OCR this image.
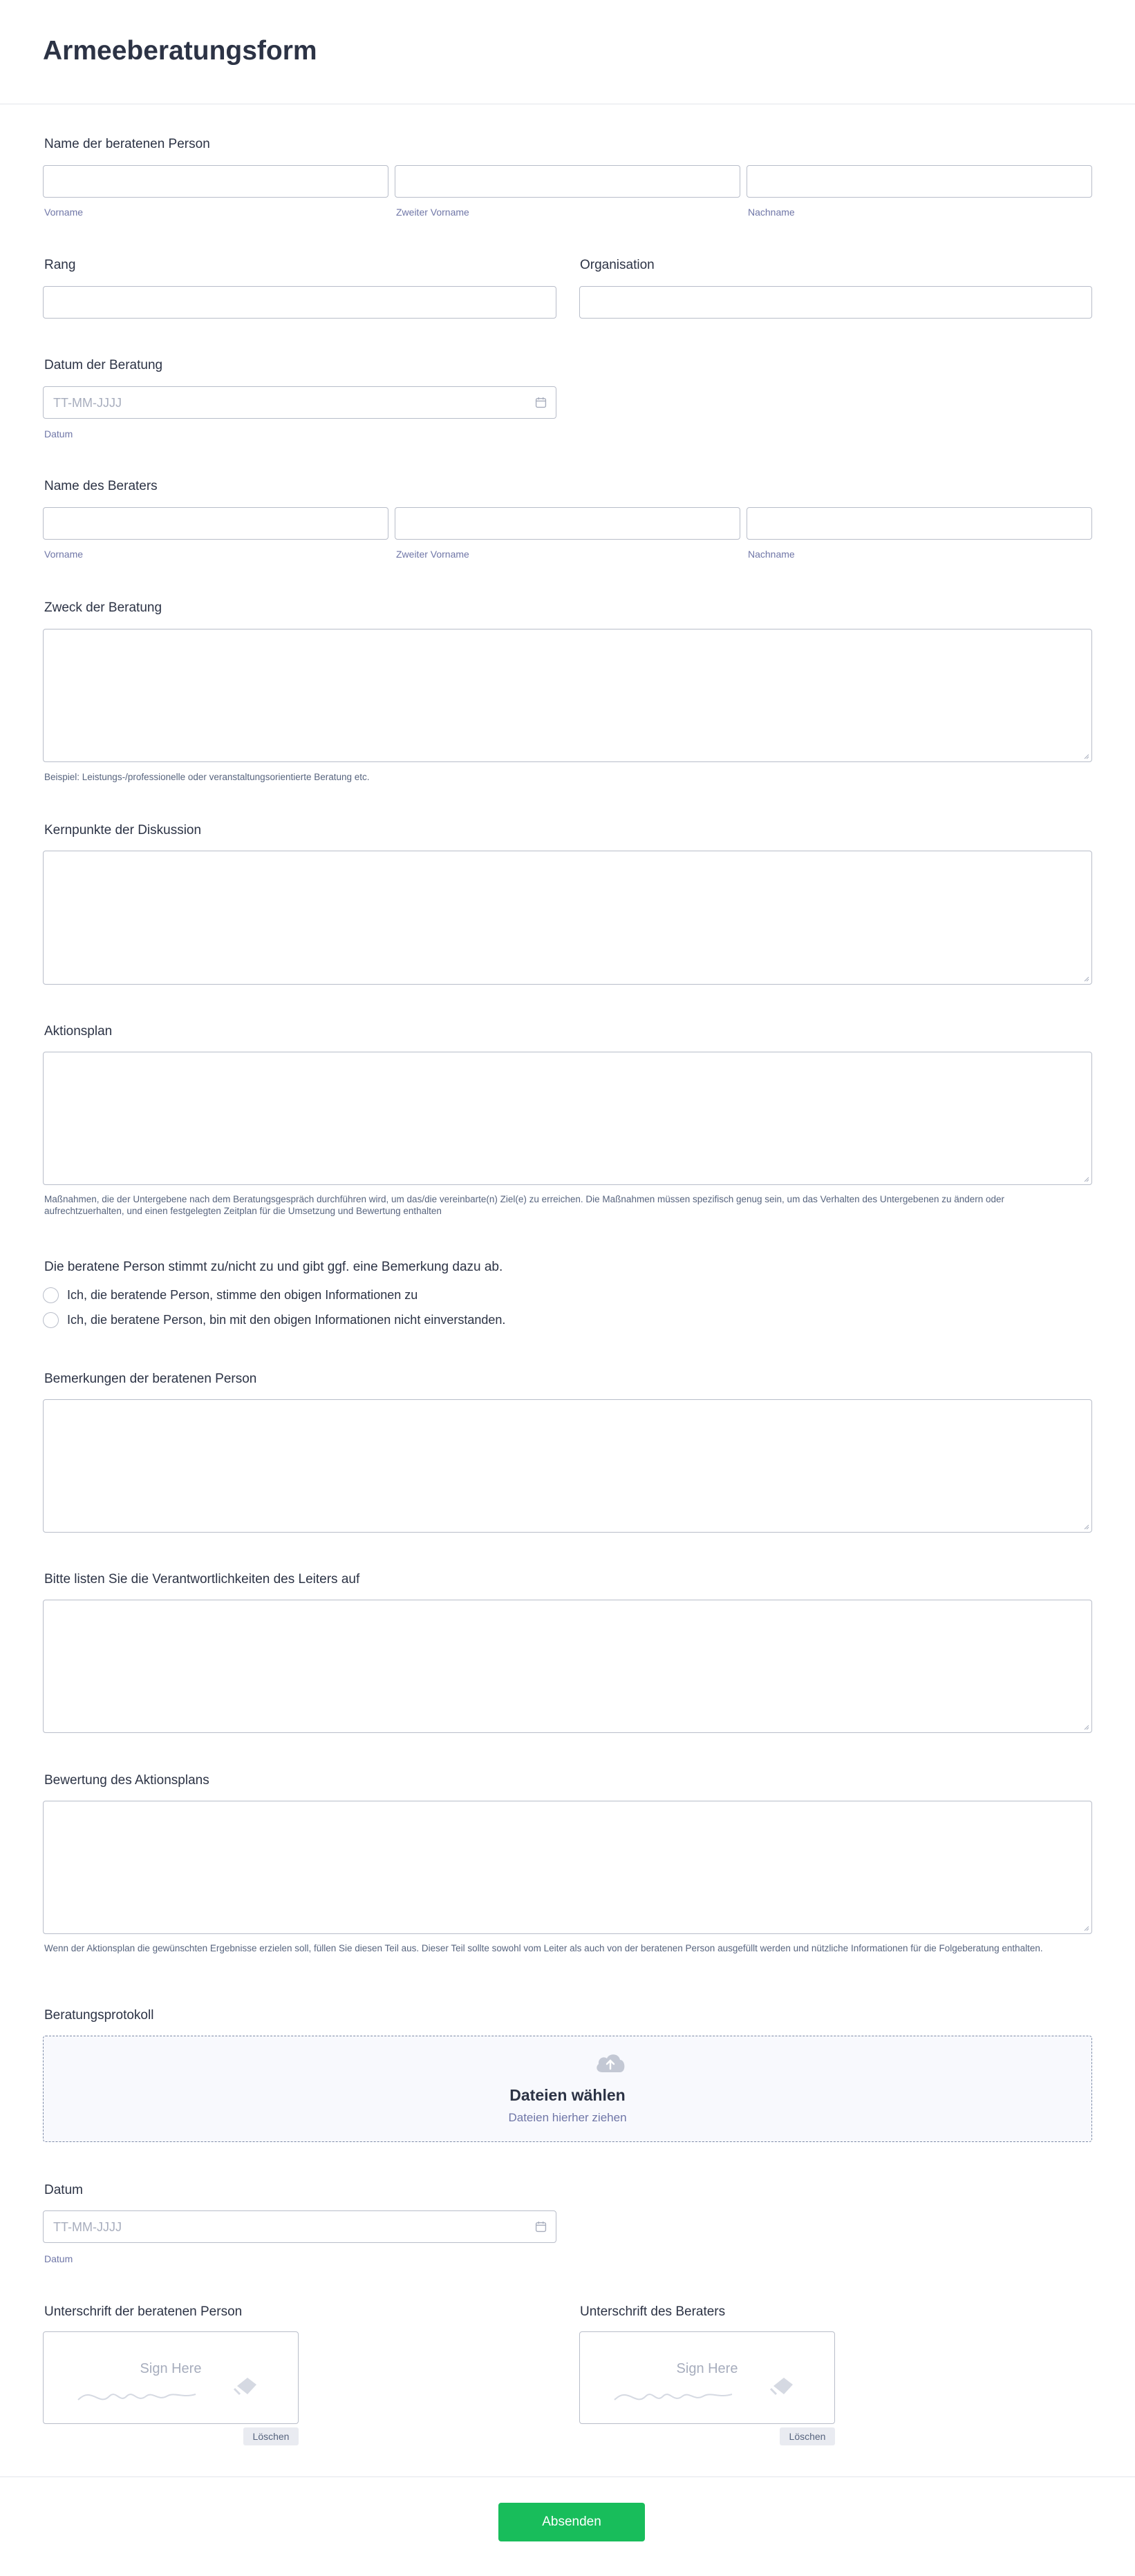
Armeeberatungsform
Name der beratenen Person
Vorname	Zweiter Vorname	Nachname
Rang	Organisation
Datum der Beratung
TT-MM-JJJJ
Datum
Name des Beraters
Vorname	Zweiter Vorname	Nachname
Zweck der Beratung
Beispiel: Leistungs-/professionelle oder veranstaltungsorientierte Beratung etc.
Kernpunkte der Diskussion
Aktionsplan
Maßnahmen, die der Untergebene nach dem Beratungsgespräch durchführen wird, um das/die vereinbarte(n) Ziel(e) zu erreichen. Die Maßnahmen müssen spezifisch genug sein, um das Verhalten des Untergebenen zu ändern oder aufrechtzuerhalten, und einen festgelegten Zeitplan für die Umsetzung und Bewertung enthalten
Die beratene Person stimmt zu/nicht zu und gibt ggf. eine Bemerkung dazu ab.
Ich, die beratende Person, stimme den obigen Informationen zu
Ich, die beratene Person, bin mit den obigen Informationen nicht einverstanden.
Bemerkungen der beratenen Person
Bitte listen Sie die Verantwortlichkeiten des Leiters auf
Bewertung des Aktionsplans
Wenn der Aktionsplan die gewünschten Ergebnisse erzielen soll, füllen Sie diesen Teil aus. Dieser Teil sollte sowohl vom Leiter als auch von der beratenen Person ausgefüllt werden und nützliche Informationen für die Folgeberatung enthalten.
Beratungsprotokoll
Dateien wählen
Dateien hierher ziehen
Datum
TT-MM-JJJJ
Datum
Unterschrift der beratenen Person
Sign Here
Löschen
Unterschrift des Beraters
Sign Here
Löschen
Absenden
